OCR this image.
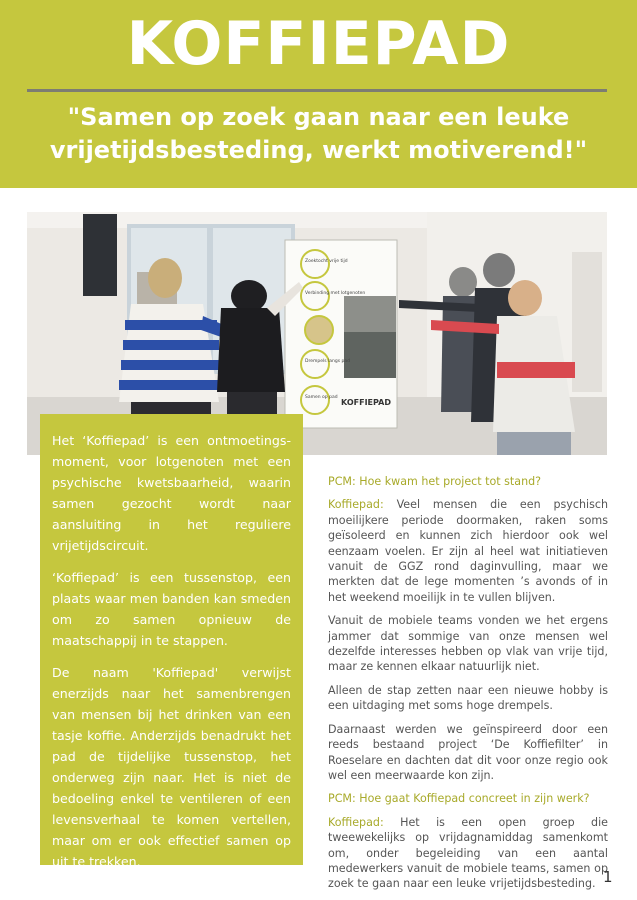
KOFFIEPAD
"Samen op zoek gaan naar een leuke vrijetijdsbesteding, werkt motiverend!"
Zoektocht vrije tijd
Verbinding met lotgenoten
Drempels langs pad
Samen op pad
KOFFIEPAD

Het ‘Koffiepad’ is een ontmoetings-moment, voor lotgenoten met een psychische kwetsbaarheid, waarin samen gezocht wordt naar aansluiting in het reguliere vrijetijdscircuit.

‘Koffiepad’ is een tussenstop, een plaats waar men banden kan smeden om zo samen opnieuw de maatschappij in te stappen.

De naam 'Koffiepad' verwijst enerzijds naar het samenbrengen van mensen bij het drinken van een tasje koffie. Anderzijds benadrukt het pad de tijdelijke tussenstop, het onderweg zijn naar. Het is niet de bedoeling enkel te ventileren of een levensverhaal te komen vertellen, maar om er ook effectief samen op uit te trekken.

PCM: Hoe kwam het project tot stand?

Koffiepad: Veel mensen die een psychisch moeilijkere periode doormaken, raken soms geïsoleerd en kunnen zich hierdoor ook wel eenzaam voelen. Er zijn al heel wat initiatieven vanuit de GGZ rond daginvulling, maar we merkten dat de lege momenten ’s avonds of in het weekend moeilijk in te vullen blijven.

Vanuit de mobiele teams vonden we het ergens jammer dat sommige van onze mensen wel dezelfde interesses hebben op vlak van vrije tijd, maar ze kennen elkaar natuurlijk niet.

Alleen de stap zetten naar een nieuwe hobby is een uitdaging met soms hoge drempels.

Daarnaast werden we geïnspireerd door een reeds bestaand project ‘De Koffiefilter’ in Roeselare en dachten dat dit voor onze regio ook wel een meerwaarde kon zijn.

PCM: Hoe gaat Koffiepad concreet in zijn werk?

Koffiepad: Het is een open groep die tweewekelijks op vrijdagnamiddag samenkomt om, onder begeleiding van een aantal medewerkers vanuit de mobiele teams, samen op zoek te gaan naar een leuke vrijetijdsbesteding. 1
